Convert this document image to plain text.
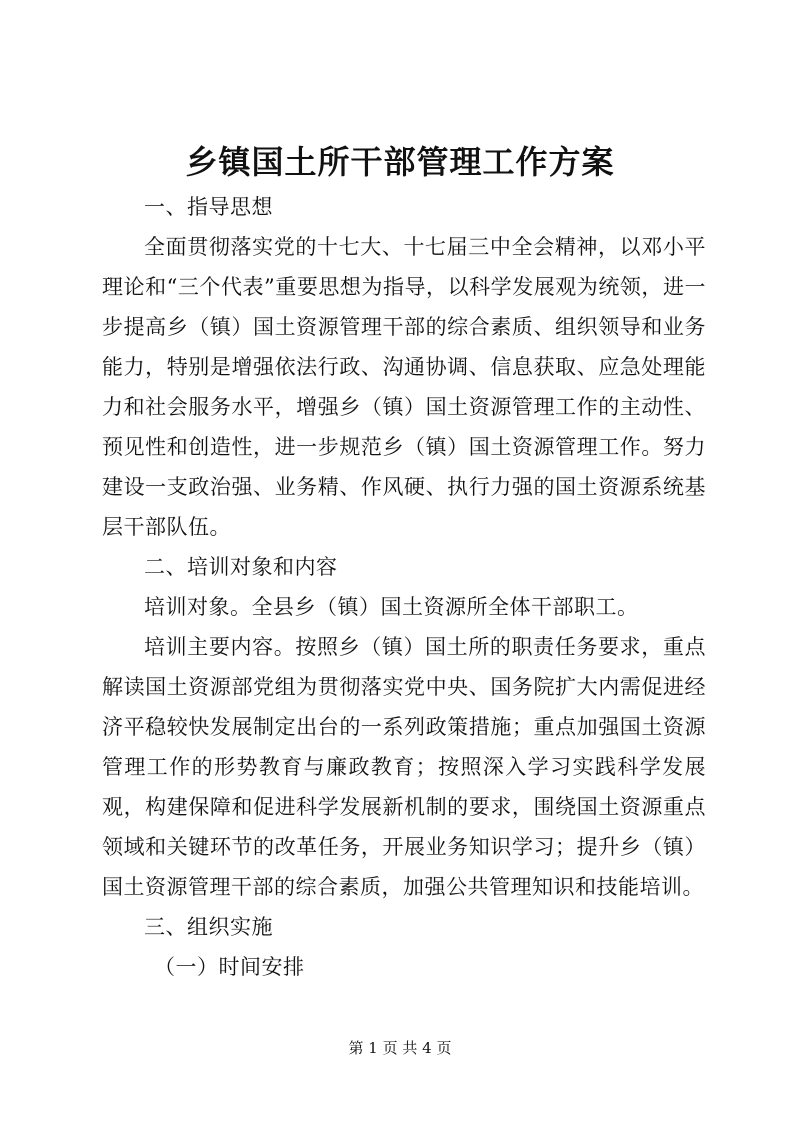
乡镇国土所干部管理工作方案

一、指导思想

全面贯彻落实党的十七大、十七届三中全会精神，以邓小平理论和“三个代表”重要思想为指导，以科学发展观为统领，进一步提高乡（镇）国土资源管理干部的综合素质、组织领导和业务能力，特别是增强依法行政、沟通协调、信息获取、应急处理能力和社会服务水平，增强乡（镇）国土资源管理工作的主动性、预见性和创造性，进一步规范乡（镇）国土资源管理工作。努力建设一支政治强、业务精、作风硬、执行力强的国土资源系统基层干部队伍。

二、培训对象和内容

培训对象。全县乡（镇）国土资源所全体干部职工。

培训主要内容。按照乡（镇）国土所的职责任务要求，重点解读国土资源部党组为贯彻落实党中央、国务院扩大内需促进经济平稳较快发展制定出台的一系列政策措施；重点加强国土资源管理工作的形势教育与廉政教育；按照深入学习实践科学发展观，构建保障和促进科学发展新机制的要求，围绕国土资源重点领域和关键环节的改革任务，开展业务知识学习；提升乡（镇）国土资源管理干部的综合素质，加强公共管理知识和技能培训。

三、组织实施

（一）时间安排

第 1 页 共 4 页
